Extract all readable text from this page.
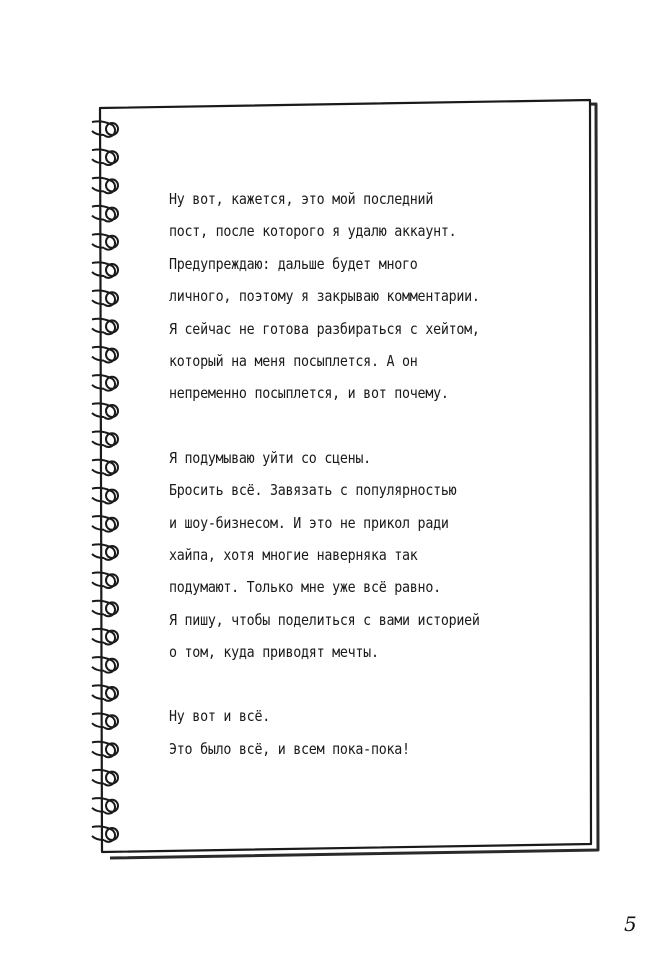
Ну вот, кажется, это мой последний
пост, после которого я удалю аккаунт.
Предупреждаю: дальше будет много
личного, поэтому я закрываю комментарии.
Я сейчас не готова разбираться с хейтом,
который на меня посыплется. А он
непременно посыплется, и вот почему.
Я подумываю уйти со сцены.
Бросить всё. Завязать с популярностью
и шоу-бизнесом. И это не прикол ради
хайпа, хотя многие наверняка так
подумают. Только мне уже всё равно.
Я пишу, чтобы поделиться с вами историей
о том, куда приводят мечты.
Ну вот и всё.
Это было всё, и всем пока-пока!
5
